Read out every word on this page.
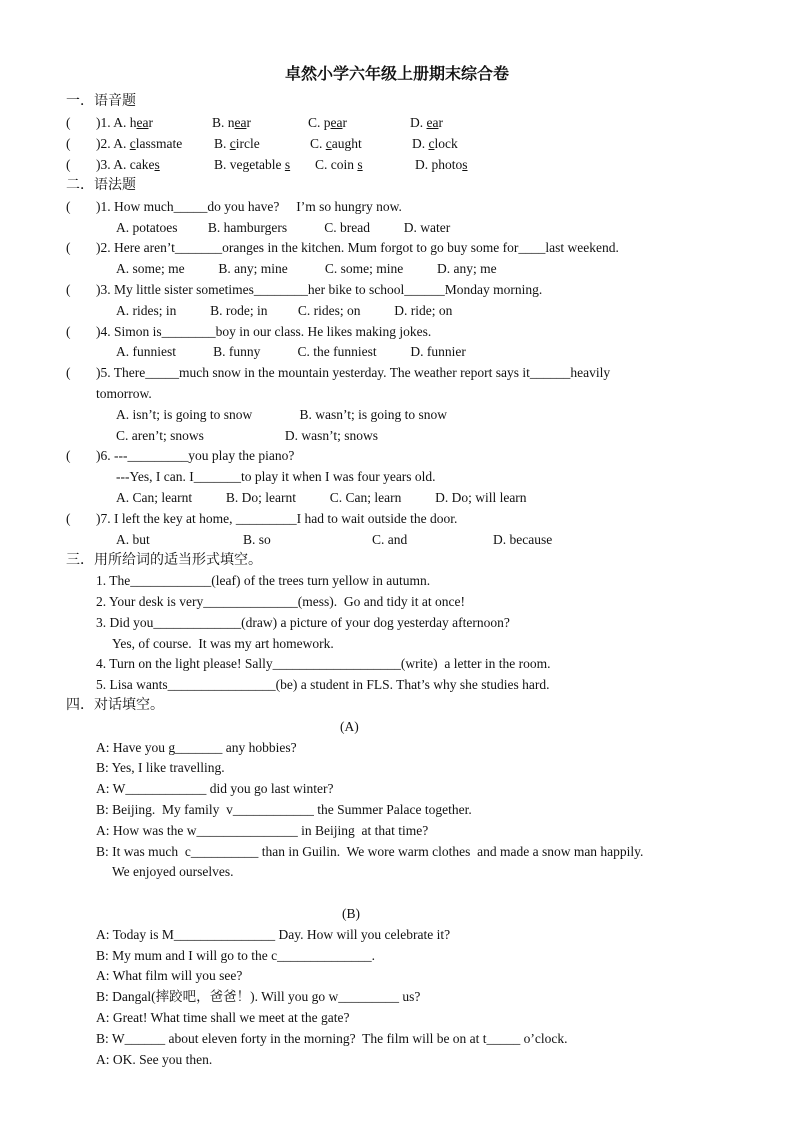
卓然小学六年级上册期末综合卷
一．语音题
( )1. A. hear	B. near	C. pear	D. ear
( )2. A. classmate B. circle	C. caught	D. clock
( )3. A. cakes	B. vegetable s C. coin s	D. photos
二．语法题
( )1. How much_____do you have?     I’m so hungry now.
A. potatoes         B. hamburgers           C. bread          D. water
( )2. Here aren’t_______oranges in the kitchen. Mum forgot to go buy some for____last weekend.
A. some; me          B. any; mine           C. some; mine          D. any; me
( )3. My little sister sometimes________her bike to school______Monday morning.
A. rides; in          B. rode; in         C. rides; on          D. ride; on
( )4. Simon is________boy in our class. He likes making jokes.
A. funniest           B. funny           C. the funniest          D. funnier
( )5. There_____much snow in the mountain yesterday. The weather report says it______heavily
tomorrow.
A. isn’t; is going to snow              B. wasn’t; is going to snow
C. aren’t; snows                        D. wasn’t; snows
( )6. ---_________you play the piano?
---Yes, I can. I_______to play it when I was four years old.
A. Can; learnt          B. Do; learnt          C. Can; learn          D. Do; will learn
( )7. I left the key at home, _________I had to wait outside the door.
A. but	B. so	C. and	D. because
三．用所给词的适当形式填空。
1. The____________(leaf) of the trees turn yellow in autumn.
2. Your desk is very______________(mess).  Go and tidy it at once!
3. Did you_____________(draw) a picture of your dog yesterday afternoon?
Yes, of course.  It was my art homework.
4. Turn on the light please! Sally___________________(write)  a letter in the room.
5. Lisa wants________________(be) a student in FLS. That’s why she studies hard.
四．对话填空。
(A)
A: Have you g_______ any hobbies?
B: Yes, I like travelling.
A: W____________ did you go last winter?
B: Beijing.  My family  v____________ the Summer Palace together.
A: How was the w_______________ in Beijing  at that time?
B: It was much  c__________ than in Guilin.  We wore warm clothes  and made a snow man happily.
We enjoyed ourselves.
(B)
A: Today is M_______________ Day. How will you celebrate it?
B: My mum and I will go to the c______________.
A: What film will you see?
B: Dangal(摔跤吧，爸爸！). Will you go w_________ us?
A: Great! What time shall we meet at the gate?
B: W______ about eleven forty in the morning?  The film will be on at t_____ o’clock.
A: OK. See you then.
